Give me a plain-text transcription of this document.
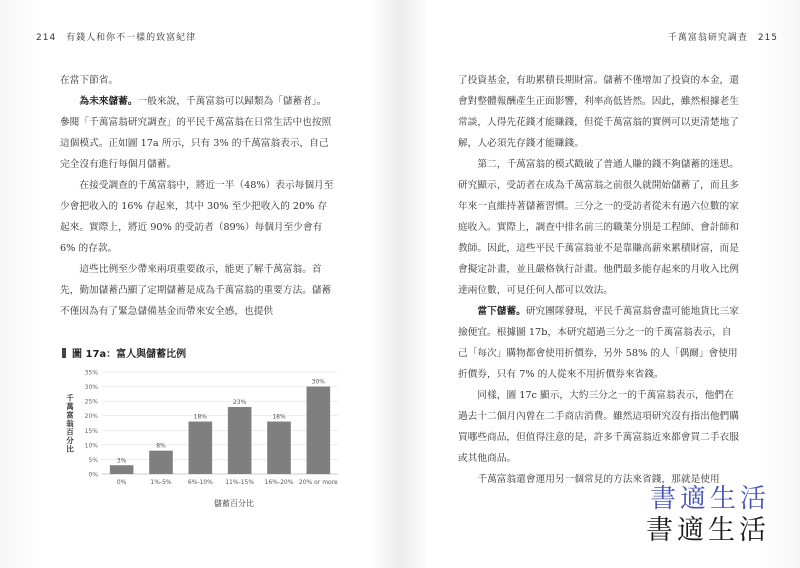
214　有錢人和你不一樣的致富紀律

在當下節省。

為未來儲蓄。一般來說，千萬富翁可以歸類為「儲蓄者」。參閱「千萬富翁研究調查」的平民千萬富翁在日常生活中也按照這個模式。正如圖 17a 所示，只有 3% 的千萬富翁表示，自己完全沒有進行每個月儲蓄。

在接受調查的千萬富翁中，將近一半（48%）表示每個月至少會把收入的 16% 存起來，其中 30% 至少把收入的 20% 存起來。實際上，將近 90% 的受訪者（89%）每個月至少會有 6% 的存款。

這些比例至少帶來兩項重要啟示，能更了解千萬富翁。首先，勤加儲蓄凸顯了定期儲蓄是成為千萬富翁的重要方法。儲蓄不僅因為有了緊急儲備基金而帶來安全感，也提供

圖 17a：富人與儲蓄比例
千
萬
富
翁
百
分
比
0%
5%
10%
15%
20%
25%
30%
35%
3%
8%
18%
23%
18%
30%
0%	1%-5%	6%-10% 11%-15% 16%-20% 20% or more
儲蓄百分比
千萬富翁研究調查　215

了投資基金，有助累積長期財富。儲蓄不僅增加了投資的本金，還會對整體報酬產生正面影響，利率高低皆然。因此，雖然根據老生常談，人得先花錢才能賺錢，但從千萬富翁的實例可以更清楚地了解，人必須先存錢才能賺錢。

第二，千萬富翁的模式戳破了普通人賺的錢不夠儲蓄的迷思。研究顯示，受訪者在成為千萬富翁之前很久就開始儲蓄了，而且多年來一直維持著儲蓄習慣。三分之一的受訪者從未有過六位數的家庭收入。實際上，調查中排名前三的職業分別是工程師、會計師和教師。因此，這些平民千萬富翁並不是靠賺高薪來累積財富，而是會擬定計畫，並且嚴格執行計畫。他們最多能存起來的月收入比例達兩位數，可見任何人都可以效法。

當下儲蓄。研究團隊發現，平民千萬富翁會盡可能地貨比三家撿便宜。根據圖 17b，本研究超過三分之一的千萬富翁表示，自己「每次」購物都會使用折價券，另外 58% 的人「偶爾」會使用折價券，只有 7% 的人從來不用折價券來省錢。

同樣，圖 17c 顯示，大約三分之一的千萬富翁表示，他們在過去十二個月內曾在二手商店消費。雖然這項研究沒有指出他們購買哪些商品，但值得注意的是，許多千萬富翁近來都會買二手衣服或其他商品。

千萬富翁還會運用另一個常見的方法來省錢，那就是使用

書適生活
書適生活
